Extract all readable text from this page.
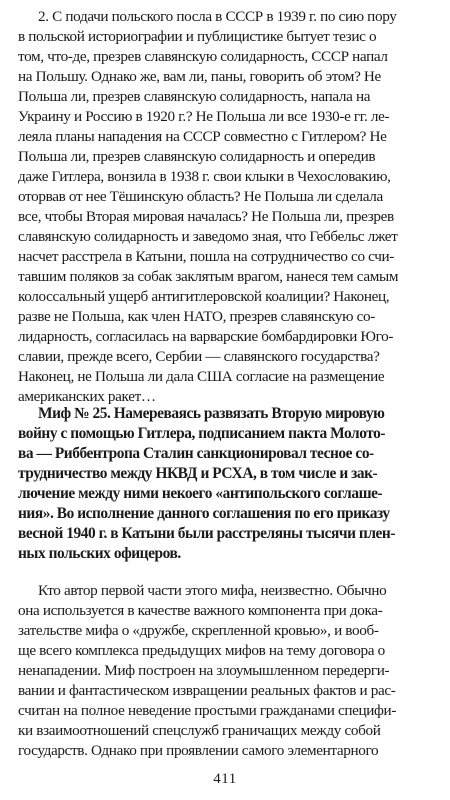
2. С подачи польского посла в СССР в 1939 г. по сию пору
в польской историографии и публицистике бытует тезис о
том, что-де, презрев славянскую солидарность, СССР напал
на Польшу. Однако же, вам ли, паны, говорить об этом? Не
Польша ли, презрев славянскую солидарность, напала на
Украину и Россию в 1920 г.? Не Польша ли все 1930-е гг. ле-
леяла планы нападения на СССР совместно с Гитлером? Не
Польша ли, презрев славянскую солидарность и опередив
даже Гитлера, вонзила в 1938 г. свои клыки в Чехословакию,
оторвав от нее Тёшинскую область? Не Польша ли сделала
все, чтобы Вторая мировая началась? Не Польша ли, презрев
славянскую солидарность и заведомо зная, что Геббельс лжет
насчет расстрела в Катыни, пошла на сотрудничество со счи-
тавшим поляков за собак заклятым врагом, нанеся тем самым
колоссальный ущерб антигитлеровской коалиции? Наконец,
разве не Польша, как член НАТО, презрев славянскую со-
лидарность, согласилась на варварские бомбардировки Юго-
славии, прежде всего, Сербии — славянского государства?
Наконец, не Польша ли дала США согласие на размещение
американских ракет…
Миф № 25. Намереваясь развязать Вторую мировую
войну с помощью Гитлера, подписанием пакта Молото-
ва — Риббентропа Сталин санкционировал тесное со-
трудничество между НКВД и РСХА, в том числе и зак-
лючение между ними некоего «антипольского соглаше-
ния». Во исполнение данного соглашения по его приказу
весной 1940 г. в Катыни были расстреляны тысячи плен-
ных польских офицеров.
Кто автор первой части этого мифа, неизвестно. Обычно
она используется в качестве важного компонента при дока-
зательстве мифа о «дружбе, скрепленной кровью», и вооб-
ще всего комплекса предыдущих мифов на тему договора о
ненападении. Миф построен на злоумышленном передерги-
вании и фантастическом извращении реальных фактов и рас-
считан на полное неведение простыми гражданами специфи-
ки взаимоотношений спецслужб граничащих между собой
государств. Однако при проявлении самого элементарного
411
